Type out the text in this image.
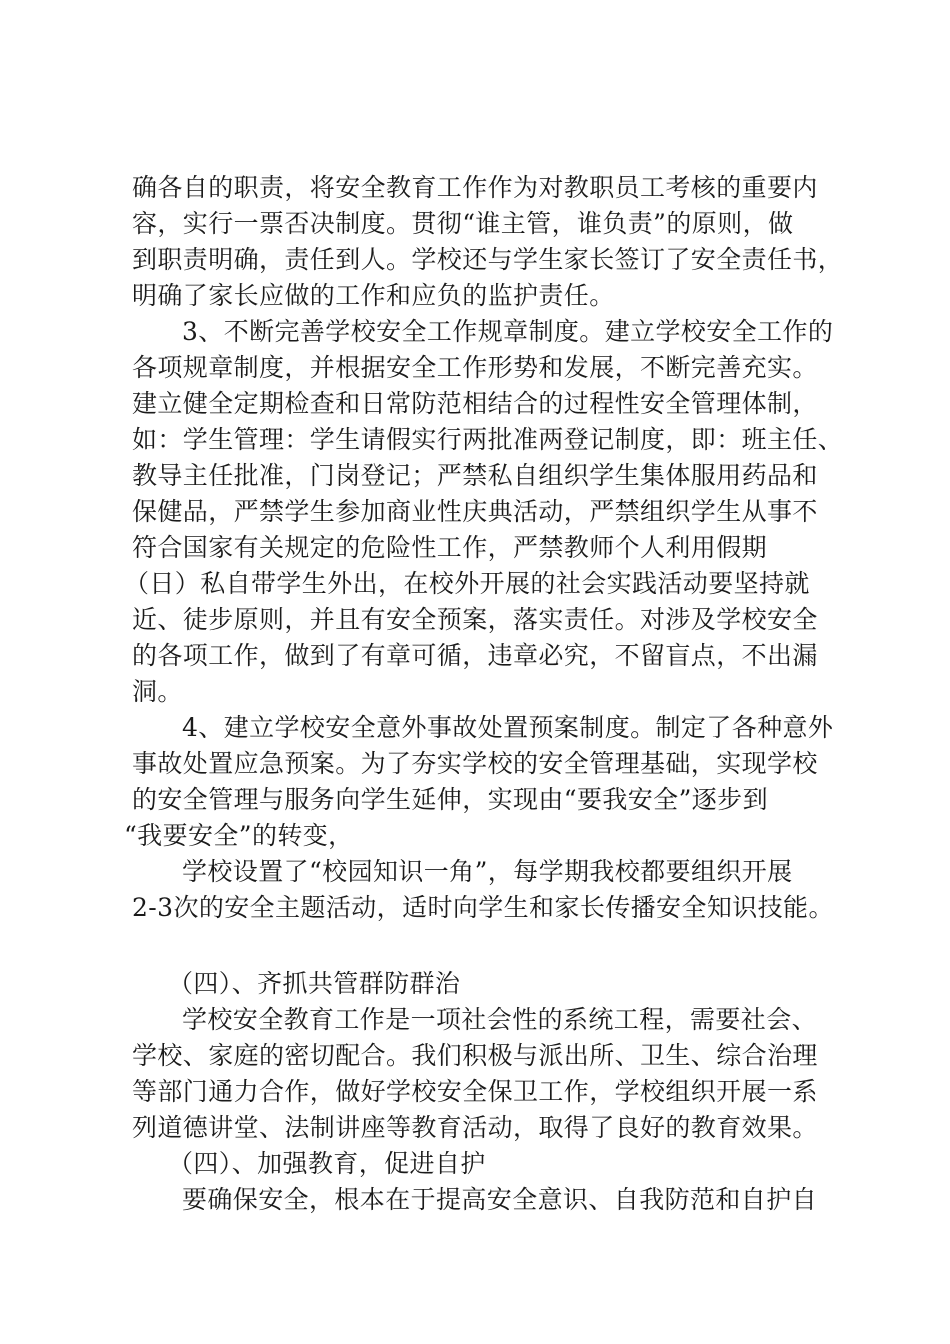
确各自的职责，将安全教育工作作为对教职员工考核的重要内
容，实行一票否决制度。贯彻“谁主管，谁负责”的原则，做
到职责明确，责任到人。学校还与学生家长签订了安全责任书，
明确了家长应做的工作和应负的监护责任。
3、不断完善学校安全工作规章制度。建立学校安全工作的
各项规章制度，并根据安全工作形势和发展，不断完善充实。
建立健全定期检查和日常防范相结合的过程性安全管理体制，
如：学生管理：学生请假实行两批准两登记制度，即：班主任、
教导主任批准，门岗登记；严禁私自组织学生集体服用药品和
保健品，严禁学生参加商业性庆典活动，严禁组织学生从事不
符合国家有关规定的危险性工作，严禁教师个人利用假期
（日）私自带学生外出，在校外开展的社会实践活动要坚持就
近、徒步原则，并且有安全预案，落实责任。对涉及学校安全
的各项工作，做到了有章可循，违章必究，不留盲点，不出漏
洞。
4、建立学校安全意外事故处置预案制度。制定了各种意外
事故处置应急预案。为了夯实学校的安全管理基础，实现学校
的安全管理与服务向学生延伸，实现由“要我安全”逐步到
“我要安全”的转变，
学校设置了“校园知识一角”，每学期我校都要组织开展
2-3次的安全主题活动，适时向学生和家长传播安全知识技能。
（四）、齐抓共管群防群治
学校安全教育工作是一项社会性的系统工程，需要社会、
学校、家庭的密切配合。我们积极与派出所、卫生、综合治理
等部门通力合作，做好学校安全保卫工作，学校组织开展一系
列道德讲堂、法制讲座等教育活动，取得了良好的教育效果。
（四）、加强教育，促进自护
要确保安全，根本在于提高安全意识、自我防范和自护自
